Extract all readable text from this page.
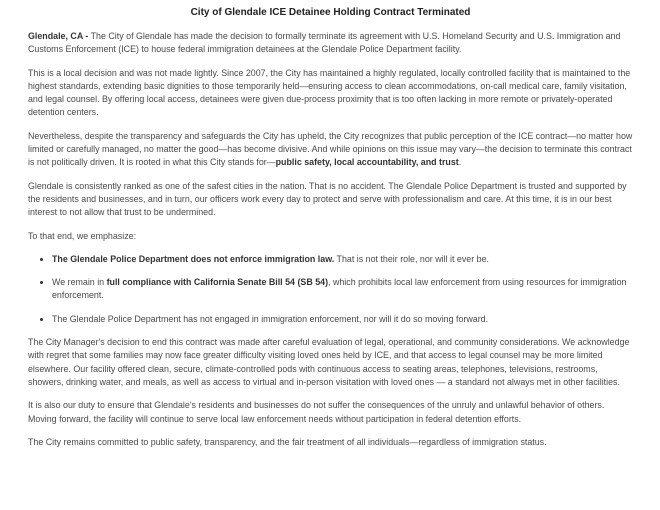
City of Glendale ICE Detainee Holding Contract Terminated

Glendale, CA - The City of Glendale has made the decision to formally terminate its agreement with U.S. Homeland Security and U.S. Immigration and Customs Enforcement (ICE) to house federal immigration detainees at the Glendale Police Department facility.

This is a local decision and was not made lightly. Since 2007, the City has maintained a highly regulated, locally controlled facility that is maintained to the highest standards, extending basic dignities to those temporarily held—ensuring access to clean accommodations, on-call medical care, family visitation, and legal counsel. By offering local access, detainees were given due-process proximity that is too often lacking in more remote or privately-operated detention centers.

Nevertheless, despite the transparency and safeguards the City has upheld, the City recognizes that public perception of the ICE contract—no matter how limited or carefully managed, no matter the good—has become divisive. And while opinions on this issue may vary—the decision to terminate this contract is not politically driven. It is rooted in what this City stands for—public safety, local accountability, and trust.

Glendale is consistently ranked as one of the safest cities in the nation. That is no accident. The Glendale Police Department is trusted and supported by the residents and businesses, and in turn, our officers work every day to protect and serve with professionalism and care. At this time, it is in our best interest to not allow that trust to be undermined.

To that end, we emphasize:

• The Glendale Police Department does not enforce immigration law. That is not their role, nor will it ever be.
• We remain in full compliance with California Senate Bill 54 (SB 54), which prohibits local law enforcement from using resources for immigration enforcement.
• The Glendale Police Department has not engaged in immigration enforcement, nor will it do so moving forward.

The City Manager's decision to end this contract was made after careful evaluation of legal, operational, and community considerations. We acknowledge with regret that some families may now face greater difficulty visiting loved ones held by ICE, and that access to legal counsel may be more limited elsewhere. Our facility offered clean, secure, climate-controlled pods with continuous access to seating areas, telephones, televisions, restrooms, showers, drinking water, and meals, as well as access to virtual and in-person visitation with loved ones — a standard not always met in other facilities.

It is also our duty to ensure that Glendale's residents and businesses do not suffer the consequences of the unruly and unlawful behavior of others. Moving forward, the facility will continue to serve local law enforcement needs without participation in federal detention efforts.

The City remains committed to public safety, transparency, and the fair treatment of all individuals—regardless of immigration status.
